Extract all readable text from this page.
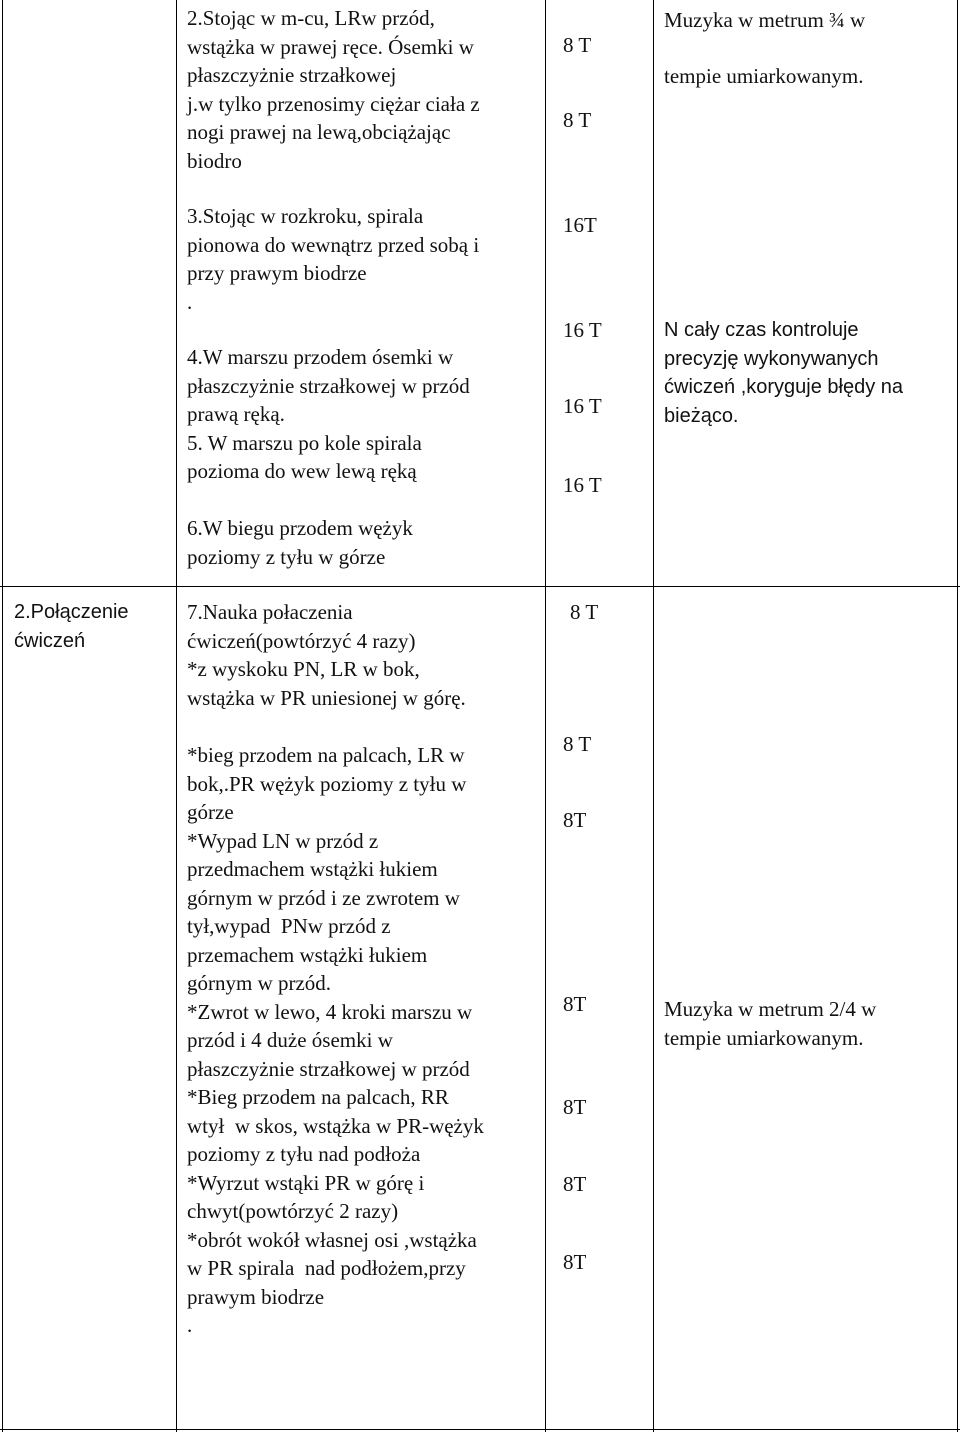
2.Stojąc w m-cu, LRw przód,
wstążka w prawej ręce. Ósemki w
płaszczyżnie strzałkowej
j.w tylko przenosimy ciężar ciała z
nogi prawej na lewą,obciążając
biodro
3.Stojąc w rozkroku, spirala
pionowa do wewnątrz przed sobą i
przy prawym biodrze
.
4.W marszu przodem ósemki w
płaszczyżnie strzałkowej w przód
prawą ręką.
5. W marszu po kole spirala
pozioma do wew lewą ręką
6.W biegu przodem wężyk
poziomy z tyłu w górze
8 T
8 T
16T
16 T
16 T
16 T
Muzyka w metrum ¾ w
tempie umiarkowanym.
N cały czas kontroluje
precyzję wykonywanych
ćwiczeń ,koryguje błędy na
bieżąco.
2.Połączenie
ćwiczeń
7.Nauka połaczenia
ćwiczeń(powtórzyć 4 razy)
*z wyskoku PN, LR w bok,
wstążka w PR uniesionej w górę.
*bieg przodem na palcach, LR w
bok,.PR wężyk poziomy z tyłu w
górze
*Wypad LN w przód z
przedmachem wstążki łukiem
górnym w przód i ze zwrotem w
tył,wypad  PNw przód z
przemachem wstążki łukiem
górnym w przód.
*Zwrot w lewo, 4 kroki marszu w
przód i 4 duże ósemki w
płaszczyżnie strzałkowej w przód
*Bieg przodem na palcach, RR
wtył  w skos, wstążka w PR-wężyk
poziomy z tyłu nad podłoża
*Wyrzut wstąki PR w górę i
chwyt(powtórzyć 2 razy)
*obrót wokół własnej osi ,wstążka
w PR spirala  nad podłożem,przy
prawym biodrze
.
8 T
8 T
8T
8T
8T
8T
8T
Muzyka w metrum 2/4 w
tempie umiarkowanym.
